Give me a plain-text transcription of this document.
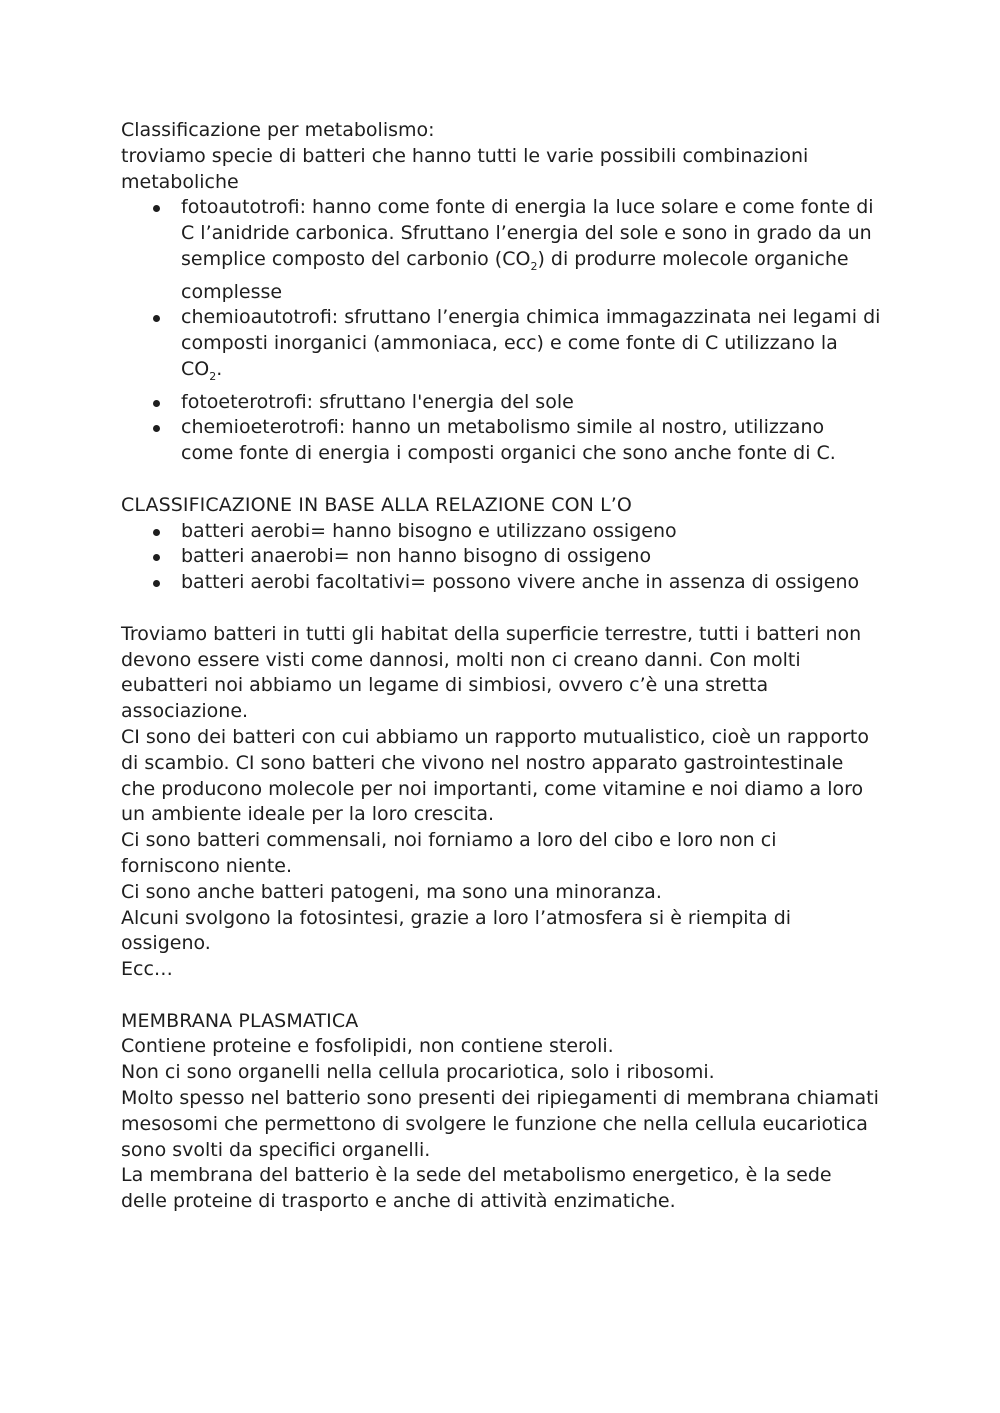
Classificazione per metabolismo:

troviamo specie di batteri che hanno tutti le varie possibili combinazioni metaboliche

fotoautotrofi: hanno come fonte di energia la luce solare e come fonte di C l’anidride carbonica. Sfruttano l’energia del sole e sono in grado da un semplice composto del carbonio $(CO_2)$ di produrre molecole organiche complesse
chemioautotrofi: sfruttano l’energia chimica immagazzinata nei legami di composti inorganici (ammoniaca, ecc) e come fonte di C utilizzano la $CO_2$.
fotoeterotrofi: sfruttano l'energia del sole
chemioeterotrofi: hanno un metabolismo simile al nostro, utilizzano come fonte di energia i composti organici che sono anche fonte di C.

CLASSIFICAZIONE IN BASE ALLA RELAZIONE CON L’O

batteri aerobi= hanno bisogno e utilizzano ossigeno
batteri anaerobi= non hanno bisogno di ossigeno
batteri aerobi facoltativi= possono vivere anche in assenza di ossigeno

Troviamo batteri in tutti gli habitat della superficie terrestre, tutti i batteri non devono essere visti come dannosi, molti non ci creano danni. Con molti eubatteri noi abbiamo un legame di simbiosi, ovvero c’è una stretta associazione.

CI sono dei batteri con cui abbiamo un rapporto mutualistico, cioè un rapporto di scambio. CI sono batteri che vivono nel nostro apparato gastrointestinale che producono molecole per noi importanti, come vitamine e noi diamo a loro un ambiente ideale per la loro crescita.

Ci sono batteri commensali, noi forniamo a loro del cibo e loro non ci forniscono niente.

Ci sono anche batteri patogeni, ma sono una minoranza.

Alcuni svolgono la fotosintesi, grazie a loro l’atmosfera si è riempita di ossigeno.

Ecc…

MEMBRANA PLASMATICA

Contiene proteine e fosfolipidi, non contiene steroli.

Non ci sono organelli nella cellula procariotica, solo i ribosomi.

Molto spesso nel batterio sono presenti dei ripiegamenti di membrana chiamati mesosomi che permettono di svolgere le funzione che nella cellula eucariotica sono svolti da specifici organelli.

La membrana del batterio è la sede del metabolismo energetico, è la sede delle proteine di trasporto e anche di attività enzimatiche.
